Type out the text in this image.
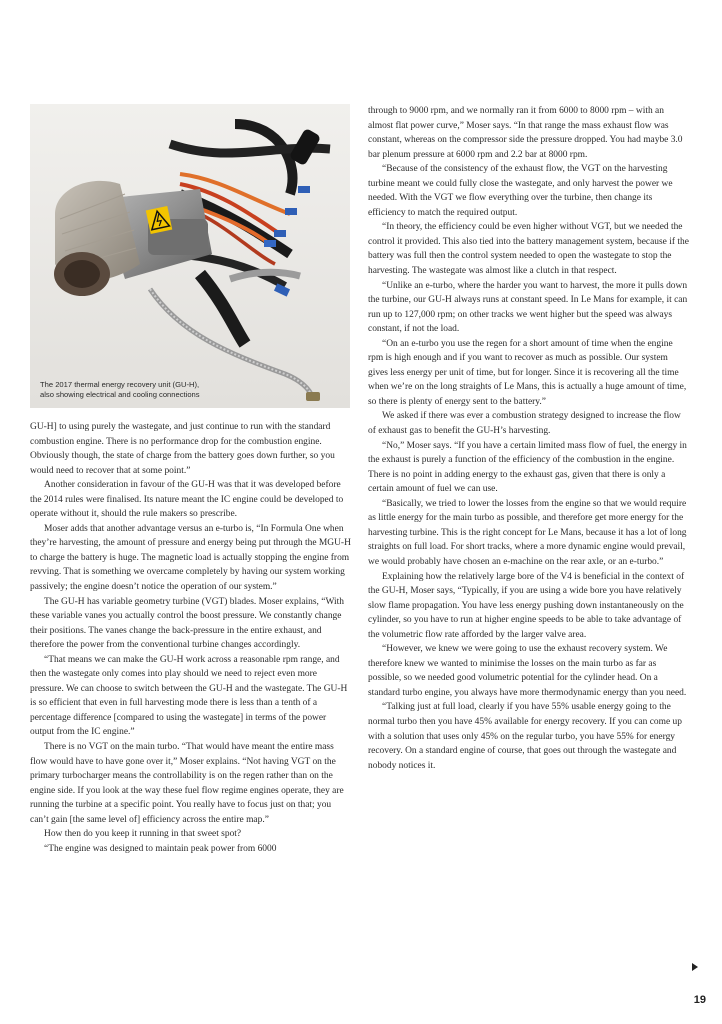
The 2017 thermal energy recovery unit (GU-H),

also showing electrical and cooling connections

GU-H] to using purely the wastegate, and just continue to run with the standard combustion engine. There is no performance drop for the combustion engine. Obviously though, the state of charge from the battery goes down further, so you would need to recover that at some point.”

Another consideration in favour of the GU-H was that it was developed before the 2014 rules were finalised. Its nature meant the IC engine could be developed to operate without it, should the rule makers so prescribe.

Moser adds that another advantage versus an e-turbo is, “In Formula One when they’re harvesting, the amount of pressure and energy being put through the MGU-H to charge the battery is huge. The magnetic load is actually stopping the engine from revving. That is something we overcame completely by having our system working passively; the engine doesn’t notice the operation of our system.”

The GU-H has variable geometry turbine (VGT) blades. Moser explains, “With these variable vanes you actually control the boost pressure. We constantly change their positions. The vanes change the back-pressure in the entire exhaust, and therefore the power from the conventional turbine changes accordingly.

“That means we can make the GU-H work across a reasonable rpm range, and then the wastegate only comes into play should we need to reject even more pressure. We can choose to switch between the GU-H and the wastegate. The GU-H is so efficient that even in full harvesting mode there is less than a tenth of a percentage difference [compared to using the wastegate] in terms of the power output from the IC engine.”

There is no VGT on the main turbo. “That would have meant the entire mass flow would have to have gone over it,” Moser explains. “Not having VGT on the primary turbocharger means the controllability is on the regen rather than on the engine side. If you look at the way these fuel flow regime engines operate, they are running the turbine at a specific point. You really have to focus just on that; you can’t gain [the same level of] efficiency across the entire map.”

How then do you keep it running in that sweet spot?

“The engine was designed to maintain peak power from 6000

through to 9000 rpm, and we normally ran it from 6000 to 8000 rpm – with an almost flat power curve,” Moser says. “In that range the mass exhaust flow was constant, whereas on the compressor side the pressure dropped. You had maybe 3.0 bar plenum pressure at 6000 rpm and 2.2 bar at 8000 rpm.

“Because of the consistency of the exhaust flow, the VGT on the harvesting turbine meant we could fully close the wastegate, and only harvest the power we needed. With the VGT we flow everything over the turbine, then change its efficiency to match the required output.

“In theory, the efficiency could be even higher without VGT, but we needed the control it provided. This also tied into the battery management system, because if the battery was full then the control system needed to open the wastegate to stop the harvesting. The wastegate was almost like a clutch in that respect.

“Unlike an e-turbo, where the harder you want to harvest, the more it pulls down the turbine, our GU-H always runs at constant speed. In Le Mans for example, it can run up to 127,000 rpm; on other tracks we went higher but the speed was always constant, if not the load.

“On an e-turbo you use the regen for a short amount of time when the engine rpm is high enough and if you want to recover as much as possible. Our system gives less energy per unit of time, but for longer. Since it is recovering all the time when we’re on the long straights of Le Mans, this is actually a huge amount of time, so there is plenty of energy sent to the battery.”

We asked if there was ever a combustion strategy designed to increase the flow of exhaust gas to benefit the GU-H’s harvesting.

“No,” Moser says. “If you have a certain limited mass flow of fuel, the energy in the exhaust is purely a function of the efficiency of the combustion in the engine. There is no point in adding energy to the exhaust gas, given that there is only a certain amount of fuel we can use.

“Basically, we tried to lower the losses from the engine so that we would require as little energy for the main turbo as possible, and therefore get more energy for the harvesting turbine. This is the right concept for Le Mans, because it has a lot of long straights on full load. For short tracks, where a more dynamic engine would prevail, we would probably have chosen an e-machine on the rear axle, or an e-turbo.”

Explaining how the relatively large bore of the V4 is beneficial in the context of the GU-H, Moser says, “Typically, if you are using a wide bore you have relatively slow flame propagation. You have less energy pushing down instantaneously on the cylinder, so you have to run at higher engine speeds to be able to take advantage of the volumetric flow rate afforded by the larger valve area.

“However, we knew we were going to use the exhaust recovery system. We therefore knew we wanted to minimise the losses on the main turbo as far as possible, so we needed good volumetric potential for the cylinder head. On a standard turbo engine, you always have more thermodynamic energy than you need.

“Talking just at full load, clearly if you have 55% usable energy going to the normal turbo then you have 45% available for energy recovery. If you can come up with a solution that uses only 45% on the regular turbo, you have 55% for energy recovery. On a standard engine of course, that goes out through the wastegate and nobody notices it.

19
